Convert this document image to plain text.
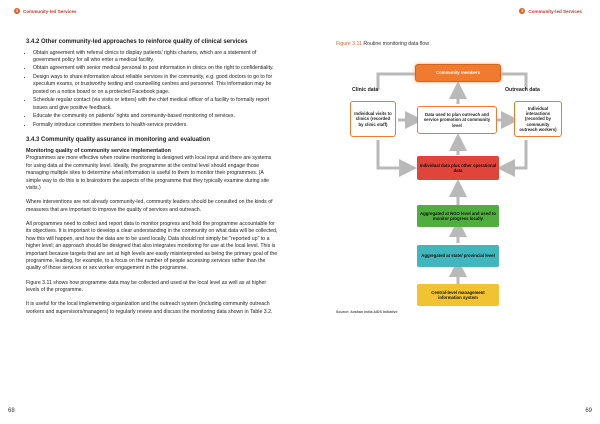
3	Community-led Services
3.4.2 Other community-led approaches to reinforce quality of clinical services
• Obtain agreement with referral clinics to display patients' rights charters, which are a statement of government policy for all who enter a medical facility.
• Obtain agreement with senior medical personal to post information in clinics on the right to confidentiality.
• Design ways to share information about reliable services in the community, e.g. good doctors to go to for speculum exams, or trustworthy testing and counselling centres and personnel. This information may be posted on a notice board or on a protected Facebook page.
• Schedule regular contact (via visits or letters) with the chief medical officer of a facility to formally report issues and give positive feedback.
• Educate the community on patients' rights and community-based monitoring of services.
• Formally introduce committee members to health-service providers.
3.4.3 Community quality assurance in monitoring and evaluation
Monitoring quality of community service implementation

Programmes are more effective when routine monitoring is designed with local input and there are systems for using data at the community level. Ideally, the programme at the central level should engage those managing multiple sites to determine what information is useful to them to monitor their programmes. (A simple way to do this is to brainstorm the aspects of the programme that they typically examine during site visits.)

Where interventions are not already community-led, community leaders should be consulted on the kinds of measures that are important to improve the quality of services and outreach.

All programmes need to collect and report data to monitor progress and hold the programme accountable for its objectives. It is important to develop a clear understanding in the community on what data will be collected, how this will happen, and how the data are to be used locally. Data should not simply be "reported up" to a higher level; an approach should be designed that also integrates monitoring for use at the local level. This is important because targets that are set at high levels are easily misinterpreted as being the primary goal of the programme, leading, for example, to a focus on the number of people accessing services rather than the quality of those services or sex worker engagement in the programme.

Figure 3.11 shows how programme data may be collected and used at the local level as well as at higher levels of the programme.

It is useful for the local implementing organization and the outreach system (including community outreach workers and supervisors/managers) to regularly review and discuss the monitoring data shown in Table 3.2.

68
3	Community-led Services
Figure 3.11 Routine monitoring data flow
Community members
Clinic data	Outreach data
Individual visits to clinics (recorded by clinic staff)
Data used to plan outreach and service promotion at community level
Individual interactions (recorded by community outreach workers)
Individual data plus other operational data
Aggregated at NGO level and used to monitor progress locally
Aggregated at state/ provincial level
Central-level management information system
Source: Avahan India AIDS Initiative
69
